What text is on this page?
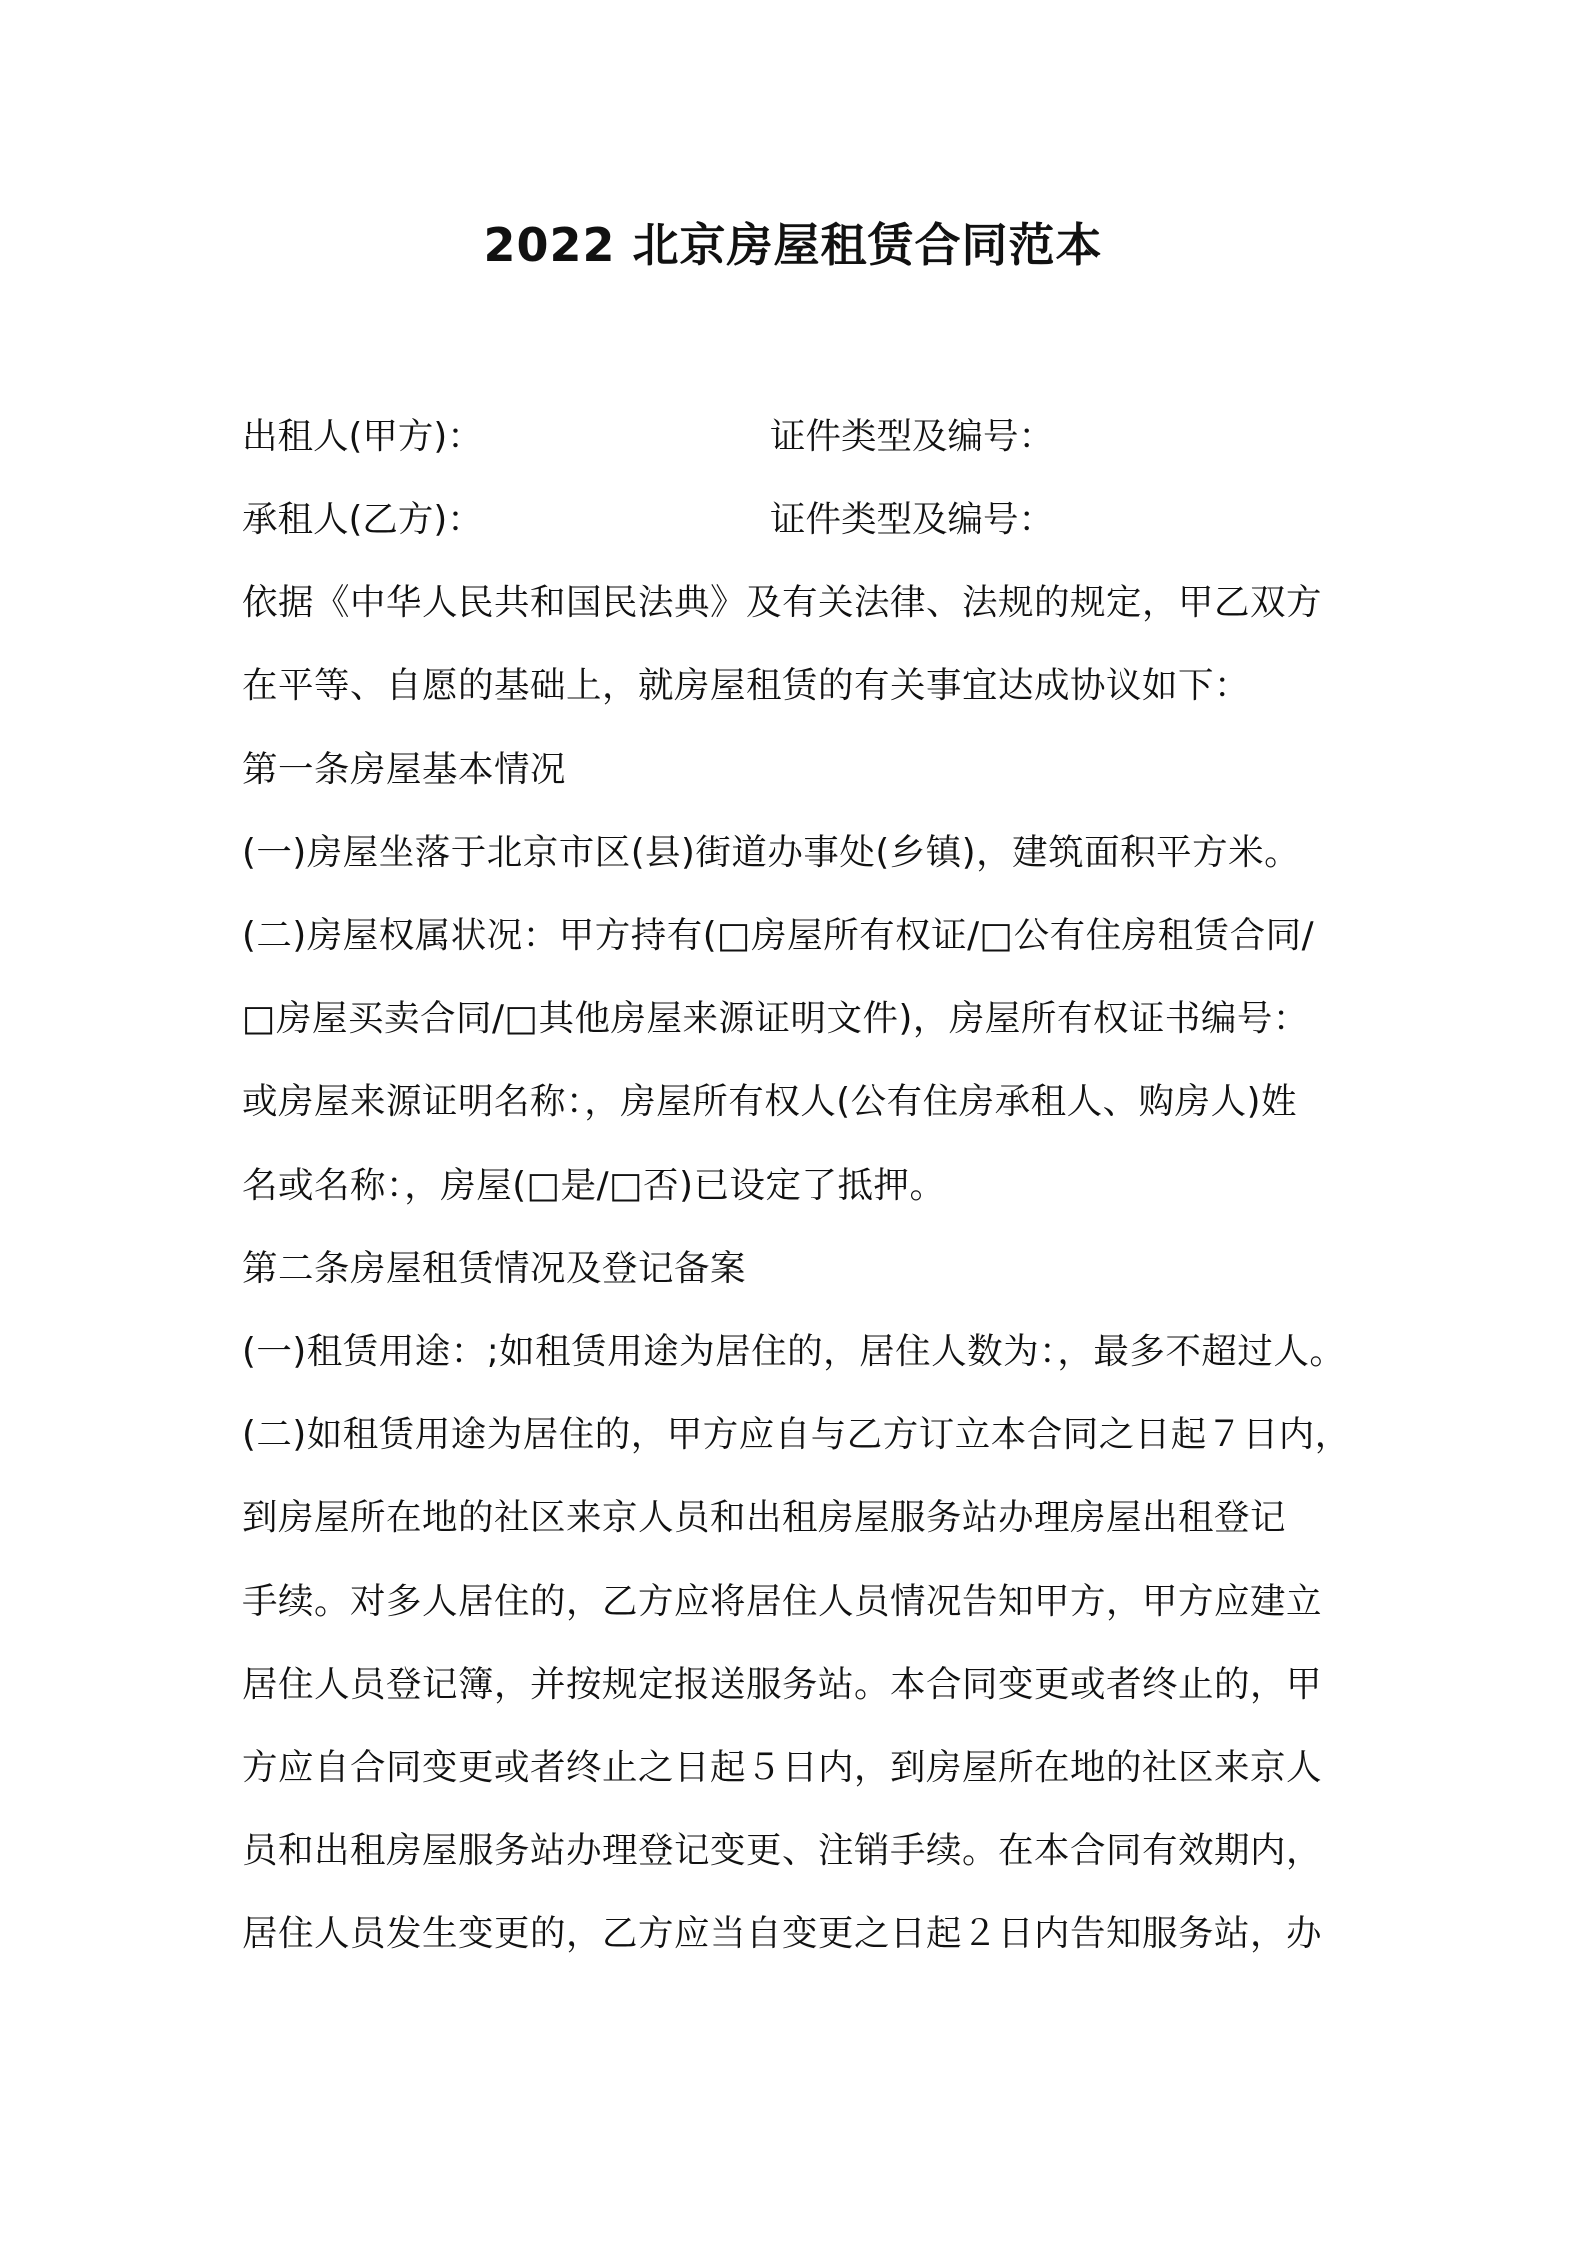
2022 北京房屋租赁合同范本
出租人(甲方)：	证件类型及编号：
承租人(乙方)：	证件类型及编号：
依据《中华人民共和国民法典》及有关法律、法规的规定，甲乙双方
在平等、自愿的基础上，就房屋租赁的有关事宜达成协议如下：
第一条房屋基本情况
(一)房屋坐落于北京市区(县)街道办事处(乡镇)，建筑面积平方米。
(二)房屋权属状况：甲方持有(□房屋所有权证/□公有住房租赁合同/
□房屋买卖合同/□其他房屋来源证明文件)，房屋所有权证书编号：
或房屋来源证明名称：，房屋所有权人(公有住房承租人、购房人)姓
名或名称：，房屋(□是/□否)已设定了抵押。
第二条房屋租赁情况及登记备案
(一)租赁用途：;如租赁用途为居住的，居住人数为：，最多不超过人。
(二)如租赁用途为居住的，甲方应自与乙方订立本合同之日起７日内，
到房屋所在地的社区来京人员和出租房屋服务站办理房屋出租登记
手续。对多人居住的，乙方应将居住人员情况告知甲方，甲方应建立
居住人员登记簿，并按规定报送服务站。本合同变更或者终止的，甲
方应自合同变更或者终止之日起５日内，到房屋所在地的社区来京人
员和出租房屋服务站办理登记变更、注销手续。在本合同有效期内，
居住人员发生变更的，乙方应当自变更之日起２日内告知服务站，办
